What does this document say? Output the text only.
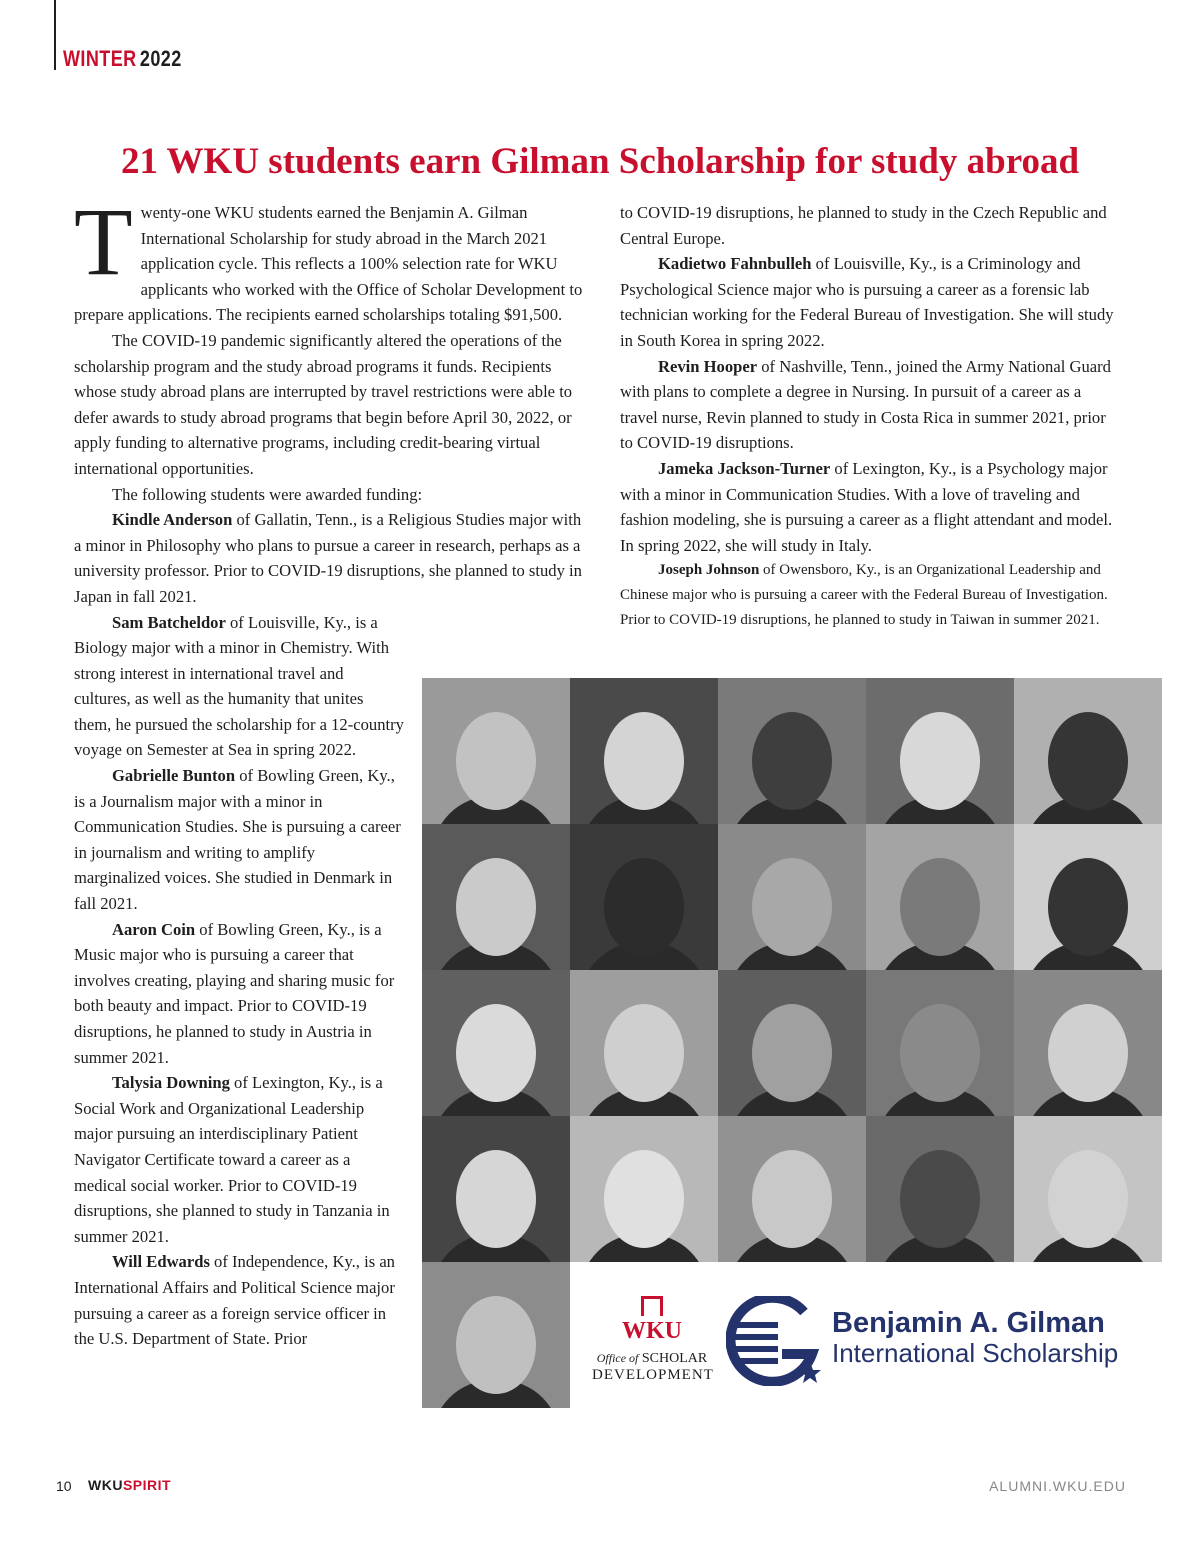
WINTER 2022
21 WKU students earn Gilman Scholarship for study abroad

Twenty-one WKU students earned the Benjamin A. Gilman International Scholarship for study abroad in the March 2021 application cycle. This reflects a 100% selection rate for WKU applicants who worked with the Office of Scholar Development to prepare applications. The recipients earned scholarships totaling $91,500.

The COVID-19 pandemic significantly altered the operations of the scholarship program and the study abroad programs it funds. Recipients whose study abroad plans are interrupted by travel restrictions were able to defer awards to study abroad programs that begin before April 30, 2022, or apply funding to alternative programs, including credit-bearing virtual international opportunities.

The following students were awarded funding:

Kindle Anderson of Gallatin, Tenn., is a Religious Studies major with a minor in Philosophy who plans to pursue a career in research, perhaps as a university professor. Prior to COVID-19 disruptions, she planned to study in Japan in fall 2021.

Sam Batcheldor of Louisville, Ky., is a Biology major with a minor in Chemistry. With strong interest in international travel and cultures, as well as the humanity that unites them, he pursued the scholarship for a 12-country voyage on Semester at Sea in spring 2022.

Gabrielle Bunton of Bowling Green, Ky., is a Journalism major with a minor in Communication Studies. She is pursuing a career in journalism and writing to amplify marginalized voices. She studied in Denmark in fall 2021.

Aaron Coin of Bowling Green, Ky., is a Music major who is pursuing a career that involves creating, playing and sharing music for both beauty and impact. Prior to COVID-19 disruptions, he planned to study in Austria in summer 2021.

Talysia Downing of Lexington, Ky., is a Social Work and Organizational Leadership major pursuing an interdisciplinary Patient Navigator Certificate toward a career as a medical social worker. Prior to COVID-19 disruptions, she planned to study in Tanzania in summer 2021.

Will Edwards of Independence, Ky., is an International Affairs and Political Science major pursuing a career as a foreign service officer in the U.S. Department of State. Prior

to COVID-19 disruptions, he planned to study in the Czech Republic and Central Europe.

Kadietwo Fahnbulleh of Louisville, Ky., is a Criminology and Psychological Science major who is pursuing a career as a forensic lab technician working for the Federal Bureau of Investigation. She will study in South Korea in spring 2022.

Revin Hooper of Nashville, Tenn., joined the Army National Guard with plans to complete a degree in Nursing. In pursuit of a career as a travel nurse, Revin planned to study in Costa Rica in summer 2021, prior to COVID-19 disruptions.

Jameka Jackson-Turner of Lexington, Ky., is a Psychology major with a minor in Communication Studies. With a love of traveling and fashion modeling, she is pursuing a career as a flight attendant and model. In spring 2022, she will study in Italy.

Joseph Johnson of Owensboro, Ky., is an Organizational Leadership and Chinese major who is pursuing a career with the Federal Bureau of Investigation. Prior to COVID-19 disruptions, he planned to study in Taiwan in summer 2021.

WKU
Office of SCHOLAR
DEVELOPMENT
Benjamin A. Gilman
International Scholarship
10 WKUSPIRIT	ALUMNI.WKU.EDU
